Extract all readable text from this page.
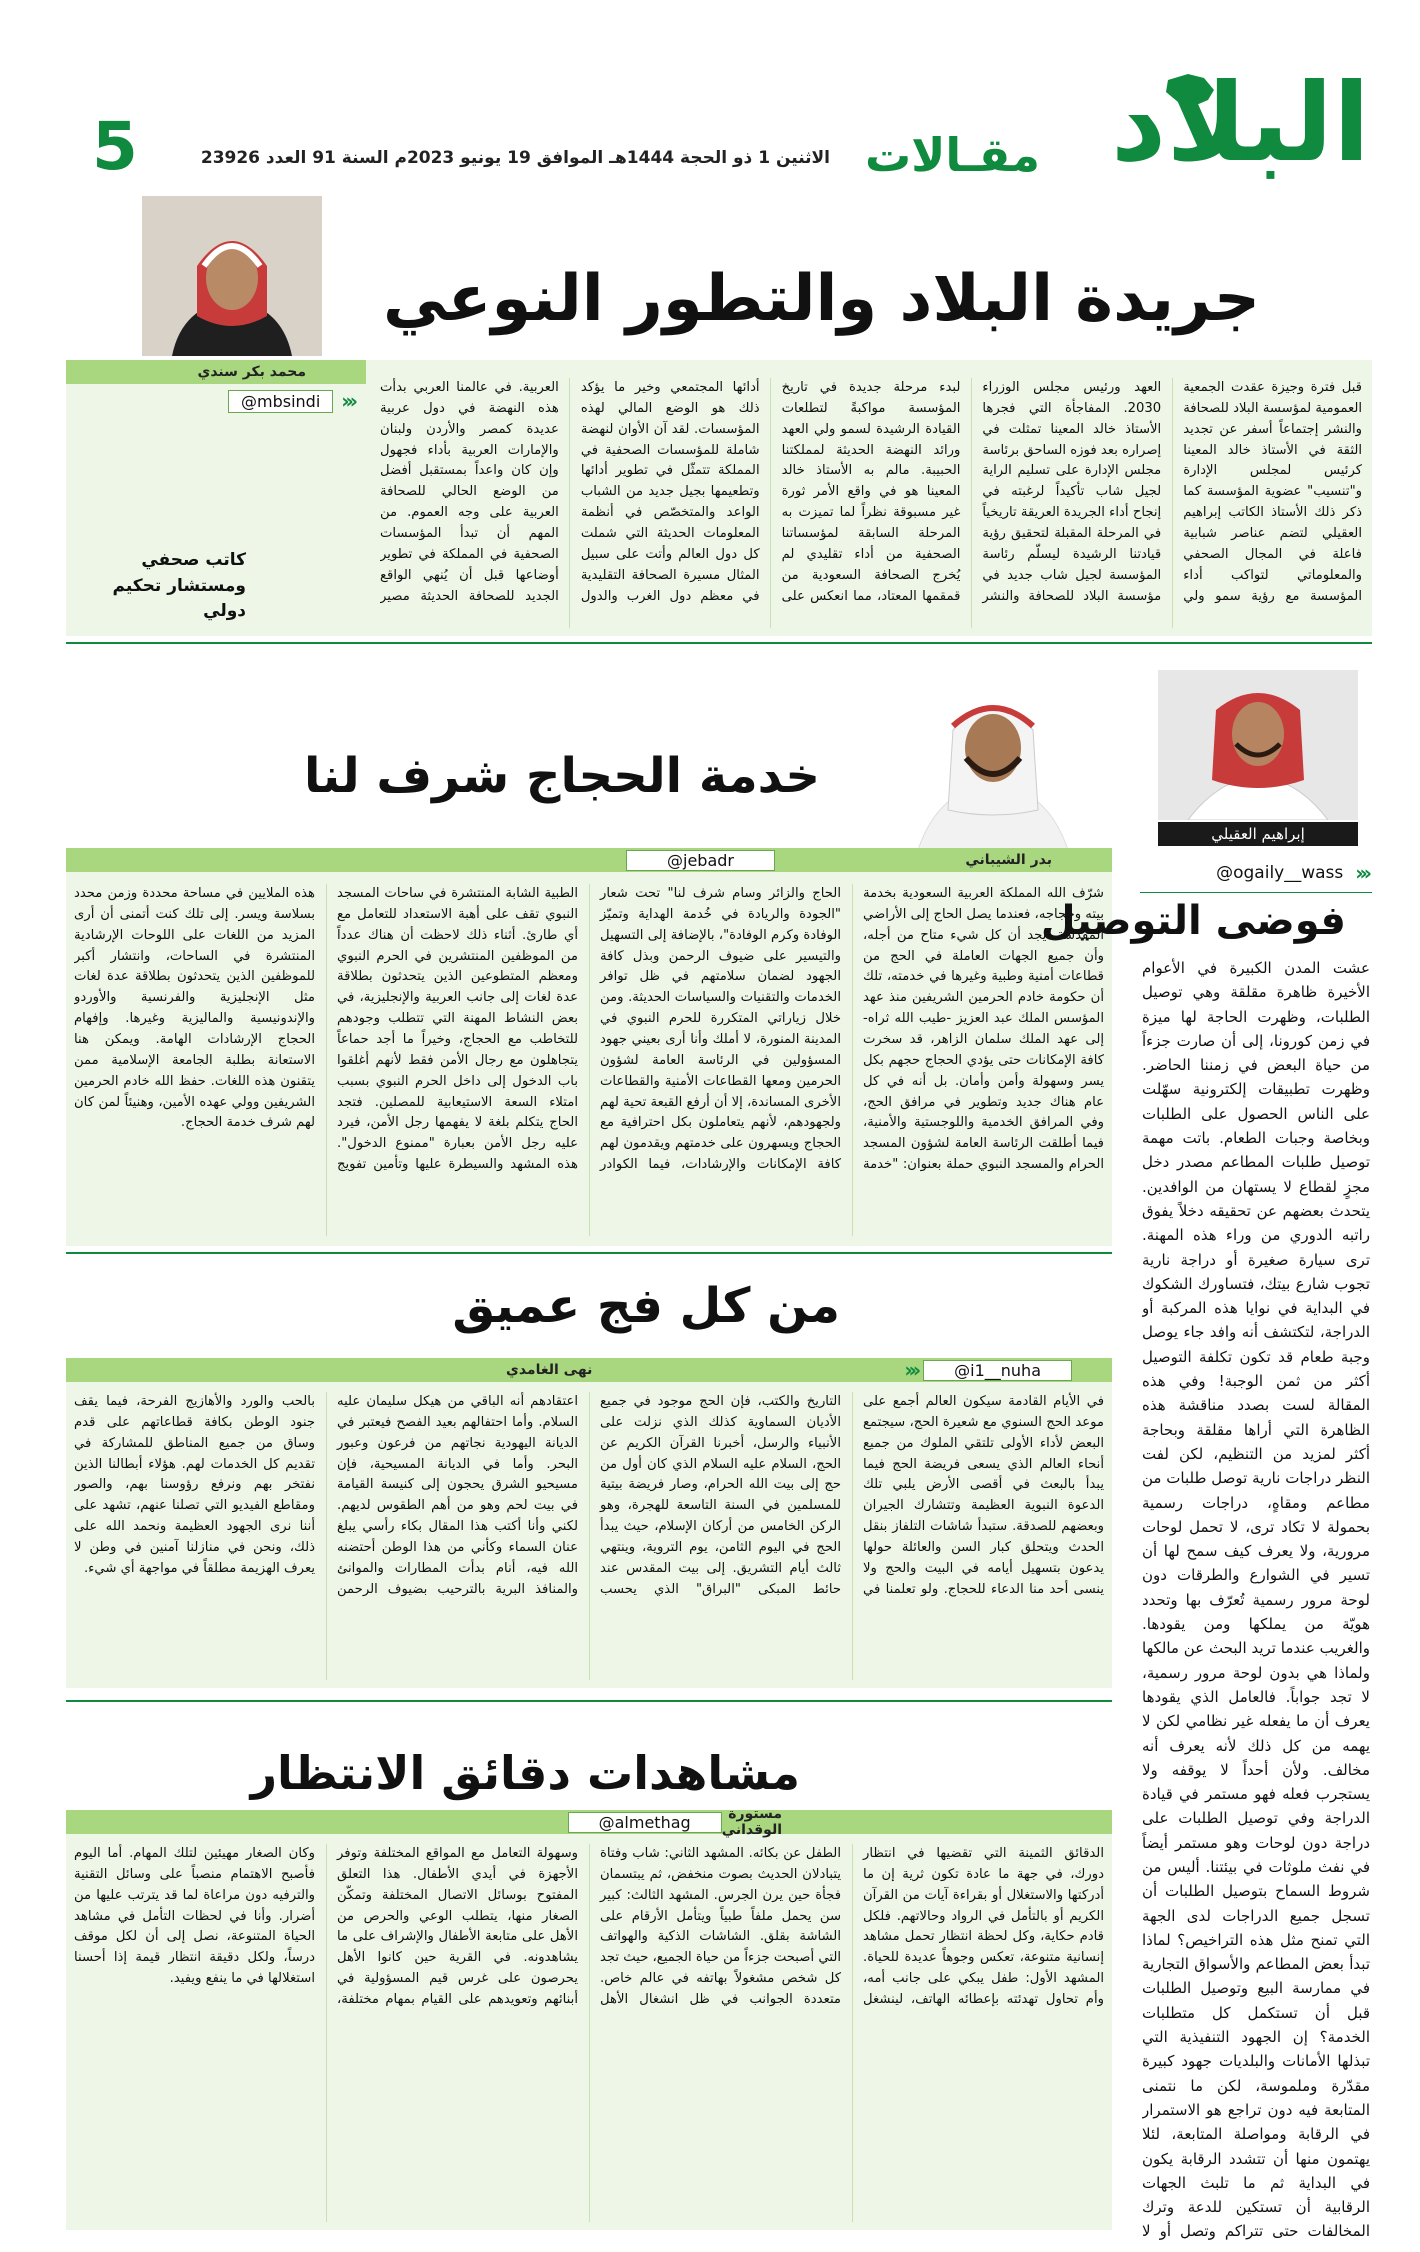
البلاد
مقـالات
الاثنين 1 ذو الحجة 1444هـ الموافق 19 يونيو 2023م السنة 91 العدد 23926
5
جريدة البلاد والتطور النوعي
محمد بكر سندي
‹‹‹
@mbsindi
قبل فترة وجيزة عقدت الجمعية العمومية لمؤسسة البلاد للصحافة والنشر إجتماعاً أسفر عن تجديد الثقة في الأستاذ خالد المعينا كرئيس لمجلس الإدارة و"تنسيب" عضوية المؤسسة كما ذكر ذلك الأستاذ الكاتب إبراهيم العقيلي لتضم عناصر شبابية فاعلة في المجال الصحفي والمعلوماتي لتواكب أداء المؤسسة مع رؤية سمو ولي العهد ورئيس مجلس الوزراء 2030. المفاجأة التي فجرها الأستاذ خالد المعينا تمثلت في إصراره بعد فوزه الساحق برئاسة مجلس الإدارة على تسليم الراية لجيل شاب تأكيداً لرغبته في إنجاح أداء الجريدة العريقة تاريخياً في المرحلة المقبلة لتحقيق رؤية قيادتنا الرشيدة ليسلّم رئاسة المؤسسة لجيل شاب جديد في مؤسسة البلاد للصحافة والنشر لبدء مرحلة جديدة في تاريخ المؤسسة مواكبةً لتطلعات القيادة الرشيدة لسمو ولي العهد ورائد النهضة الحديثة لمملكتنا الحبيبة. مالم به الأستاذ خالد المعينا هو في واقع الأمر ثورة غير مسبوقة نظراً لما تميزت به المرحلة السابقة لمؤسساتنا الصحفية من أداء تقليدي لم يُخرج الصحافة السعودية من قمقمها المعتاد، مما انعكس على أدائها المجتمعي وخير ما يؤكد ذلك هو الوضع المالي لهذه المؤسسات. لقد آن الأوان لنهضة شاملة للمؤسسات الصحفية في المملكة تتمثّل في تطوير أدائها وتطعيمها بجيل جديد من الشباب الواعد والمتخصّص في أنظمة المعلومات الحديثة التي شملت كل دول العالم وأتت على سبيل المثال مسيرة الصحافة التقليدية في معظم دول الغرب والدول العربية. في عالمنا العربي بدأت هذه النهضة في دول عربية عديدة كمصر والأردن ولبنان والإمارات العربية بأداء فجهول وإن كان واعداً بمستقبل أفضل من الوضع الحالي للصحافة العربية على وجه العموم. من المهم أن تبدأ المؤسسات الصحفية في المملكة في تطوير أوضاعها قبل أن يُنهي الواقع الجديد للصحافة الحديثة مصير
كاتب صحفي
ومستشار تحكيم دولي
خدمة الحجاج شرف لنا
بدر الشيباني
@jebadr
شرّف الله المملكة العربية السعودية بخدمة بيته وحجاجه، فعندما يصل الحاج إلى الأراضي المقدسة، يجد أن كل شيء متاح من أجله، وأن جميع الجهات العاملة في الحج من قطاعات أمنية وطبية وغيرها في خدمته، تلك أن حكومة خادم الحرمين الشريفين منذ عهد المؤسس الملك عبد العزيز -طيب الله ثراه- إلى عهد الملك سلمان الزاهر، قد سخرت كافة الإمكانات حتى يؤدي الحجاج حجهم بكل يسر وسهولة وأمن وأمان. بل أنه في كل عام هناك جديد وتطوير في مرافق الحج، وفي المرافق الخدمية واللوجستية والأمنية، فيما أطلقت الرئاسة العامة لشؤون المسجد الحرام والمسجد النبوي حملة بعنوان: "خدمة الحاج والزائر وسام شرف لنا" تحت شعار "الجودة والريادة في خُدمة الهداية وتميّز الوفادة وكرم الوفادة"، بالإضافة إلى التسهيل والتيسير على ضيوف الرحمن وبذل كافة الجهود لضمان سلامتهم في ظل توافر الخدمات والتقنيات والسياسات الحديثة. ومن خلال زياراتي المتكررة للحرم النبوي في المدينة المنورة، لا أملك وأنا أرى بعيني جهود المسؤولين في الرئاسة العامة لشؤون الحرمين ومعها القطاعات الأمنية والقطاعات الأخرى المساندة، إلا أن أرفع القبعة تحية لهم ولجهودهم، لأنهم يتعاملون بكل احترافية مع الحجاج ويسهرون على خدمتهم ويقدمون لهم كافة الإمكانات والإرشادات، فيما الكوادر الطبية الشابة المنتشرة في ساحات المسجد النبوي تقف على أهبة الاستعداد للتعامل مع أي طارئ. أثناء ذلك لاحظت أن هناك عدداً من الموظفين المنتشرين في الحرم النبوي ومعظم المتطوعين الذين يتحدثون بطلاقة عدة لغات إلى جانب العربية والإنجليزية، في بعض النشاط المهنة التي تتطلب وجودهم للتخاطب مع الحجاج، وخيراً ما أجد حماعاً يتجاهلون مع رجال الأمن فقط لأنهم أغلقوا باب الدخول إلى داخل الحرم النبوي بسبب امتلاء السعة الاستيعابية للمصلين. فتجد الحاج يتكلم بلغة لا يفهمها رجل الأمن، فيرد عليه رجل الأمن بعبارة "ممنوع الدخول". هذه المشهد والسيطرة عليها وتأمين تفويج هذه الملايين في مساحة محددة وزمن محدد بسلاسة ويسر. إلى تلك كنت أتمنى أن أرى المزيد من اللغات على اللوحات الإرشادية المنتشرة في الساحات، وانتشار أكبر للموظفين الذين يتحدثون بطلاقة عدة لغات مثل الإنجليزية والفرنسية والأوردو والإندونيسية والماليزية وغيرها. وإفهام الحجاج الإرشادات الهامة. ويمكن هنا الاستعانة بطلبة الجامعة الإسلامية ممن يتقنون هذه اللغات. حفظ الله خادم الحرمين الشريفين وولي عهده الأمين، وهنيئاً لمن كان لهم شرف خدمة الحجاج.
إبراهيم العقيلي
‹‹‹
@ogaily__wass
فوضى التوصيل
عشت المدن الكبيرة في الأعوام الأخيرة ظاهرة مقلقة وهي توصيل الطلبات، وظهرت الحاجة لها ميزة في زمن كورونا، إلى أن صارت جزءاً من حياة البعض في زمننا الحاضر. وظهرت تطبيقات إلكترونية سهّلت على الناس الحصول على الطلبات وبخاصة وجبات الطعام. باتت مهمة توصيل طلبات المطاعم مصدر دخل مجزٍ لقطاع لا يستهان من الوافدين. يتحدث بعضهم عن تحقيقه دخلاً يفوق راتبه الدوري من وراء هذه المهنة. ترى سيارة صغيرة أو دراجة نارية تجوب شارع بيتك، فتساورك الشكوك في البداية في نوايا هذه المركبة أو الدراجة، لتكتشف أنه وافد جاء يوصل وجبة طعام قد تكون تكلفة التوصيل أكثر من ثمن الوجبة! وفي هذه المقالة لست بصدد مناقشة هذه الظاهرة التي أراها مقلقة وبحاجة أكثر لمزيد من التنظيم، لكن لفت النظر دراجات نارية توصل طلبات من مطاعم ومقاهٍ، دراجات رسمية بحمولة لا تكاد ترى، لا تحمل لوحات مرورية، ولا يعرف كيف سمح لها أن تسير في الشوارع والطرقات دون لوحة مرور رسمية تُعرّف بها وتحدد هويّة من يملكها ومن يقودها. والغريب عندما تريد البحث عن مالكها ولماذا هي بدون لوحة مرور رسمية، لا تجد جواباً. فالعامل الذي يقودها يعرف أن ما يفعله غير نظامي لكن لا يهمه من كل ذلك لأنه يعرف أنه مخالف. ولأن أحداً لا يوقفه ولا يستجرب فعله فهو مستمر في قيادة الدراجة وفي توصيل الطلبات على دراجة دون لوحات وهو مستمر أيضاً في نفث ملوثات في بيئتنا. أليس من شروط السماح بتوصيل الطلبات أن تسجل جميع الدراجات لدى الجهة التي تمنح مثل هذه التراخيص؟ لماذا تبدأ بعض المطاعم والأسواق التجارية في ممارسة البيع وتوصيل الطلبات قبل أن تستكمل كل متطلبات الخدمة؟ إن الجهود التنفيذية التي تبذلها الأمانات والبلديات جهود كبيرة مقدّرة وملموسة، لكن ما نتمنى المتابعة فيه دون تراجع هو الاستمرار في الرقابة ومواصلة المتابعة، لئلا يهتمون منها أن تتشدد الرقابة يكون في البداية ثم ما تلبث الجهات الرقابية أن تستكين للدعة وترك المخالفات حتى تتراكم وتصل أو لا
من كل فج عميق
@i1__nuha
‹‹‹
نهى الغامدي
في الأيام القادمة سيكون العالم أجمع على موعد الحج السنوي مع شعيرة الحج، سيجتمع البعض لأداء الأولى تلتقي الملوك من جميع أنحاء العالم الذي يسعى فريضة الحج فيما يبدأ بالبعث في أقصى الأرض يلبي تلك الدعوة النبوية العظيمة وتتشارك الجيران وبعضهم للصدقة. ستبدأ شاشات التلفاز بنقل الحدث ويتحلق كبار السن والعائلة حولها يدعون بتسهيل أيامه في البيت والحج ولا ينسى أحد منا الدعاء للحجاج. ولو تعلمنا في التاريخ والكتب، فإن الحج موجود في جميع الأديان السماوية كذلك الذي نزلت على الأنبياء والرسل، أخبرنا القرآن الكريم عن الحج، السلام عليه السلام الذي كان أول من حج إلى بيت الله الحرام، وصار فريضة بيتية للمسلمين في السنة التاسعة للهجرة، وهو الركن الخامس من أركان الإسلام، حيث يبدأ الحج في اليوم الثامن، يوم التروية، وينتهي ثالث أيام التشريق. إلى بيت المقدس عند حائط المبكى "البراق" الذي يحسب اعتقادهم أنه الباقي من هيكل سليمان عليه السلام. وأما احتفالهم بعيد الفصح فيعتبر في الديانة اليهودية نجاتهم من فرعون وعبور البحر. وأما في الديانة المسيحية، فإن مسيحيو الشرق يحجون إلى كنيسة القيامة في بيت لحم وهو من أهم الطقوس لديهم. لكني وأنا أكتب هذا المقال بكاء رأسي يبلغ عنان السماء وكأني من هذا الوطن أحتضنه الله فيه، أنام بدأت المطارات والموانئ والمنافذ البرية بالترحيب بضيوف الرحمن بالحب والورد والأهازيج الفرحة، فيما يقف جنود الوطن بكافة قطاعاتهم على قدم وساق من جميع المناطق للمشاركة في تقديم كل الخدمات لهم. هؤلاء أبطالنا الذين نفتخر بهم ونرفع رؤوسنا بهم، والصور ومقاطع الفيديو التي تصلنا عنهم، تشهد على أننا نرى الجهود العظيمة ونحمد الله على ذلك، ونحن في منازلنا آمنين في وطن لا يعرف الهزيمة مطلقاً في مواجهة أي شيء.
مشاهدات دقائق الانتظار
مستورة الوقداني
@almethag
الدقائق الثمينة التي تقضيها في انتظار دورك، في جهة ما عادة تكون ثرية إن ما أدركتها والاستغلال أو بقراءة آيات من القرآن الكريم أو بالتأمل في الرواد وحالاتهم. فلكل قادم حكاية، وكل لحظة انتظار تحمل مشاهد إنسانية متنوعة، تعكس وجوهاً عديدة للحياة. المشهد الأول: طفل يبكي على جانب أمه، وأم تحاول تهدئته بإعطائه الهاتف، لينشغل الطفل عن بكائه. المشهد الثاني: شاب وفتاة يتبادلان الحديث بصوت منخفض، ثم يبتسمان فجأة حين يرن الجرس. المشهد الثالث: كبير سن يحمل ملفاً طبياً ويتأمل الأرقام على الشاشة بقلق. الشاشات الذكية والهواتف التي أصبحت جزءاً من حياة الجميع، حيث تجد كل شخص مشغولاً بهاتفه في عالم خاص. متعددة الجوانب في ظل انشغال الأهل وسهولة التعامل مع المواقع المختلفة وتوفر الأجهزة في أيدي الأطفال. هذا التعلق المفتوح بوسائل الاتصال المختلفة وتمكّن الصغار منها، يتطلب الوعي والحرص من الأهل على متابعة الأطفال والإشراف على ما يشاهدونه. في القرية حين كانوا الأهل يحرصون على غرس قيم المسؤولية في أبنائهم وتعويدهم على القيام بمهام مختلفة، وكان الصغار مهيئين لتلك المهام. أما اليوم فأصبح الاهتمام منصباً على وسائل التقنية والترفيه دون مراعاة لما قد يترتب عليها من أضرار. وأنا في لحظات التأمل في مشاهد الحياة المتنوعة، نصل إلى أن لكل موقف درساً، ولكل دقيقة انتظار قيمة إذا أحسنا استغلالها في ما ينفع ويفيد.
